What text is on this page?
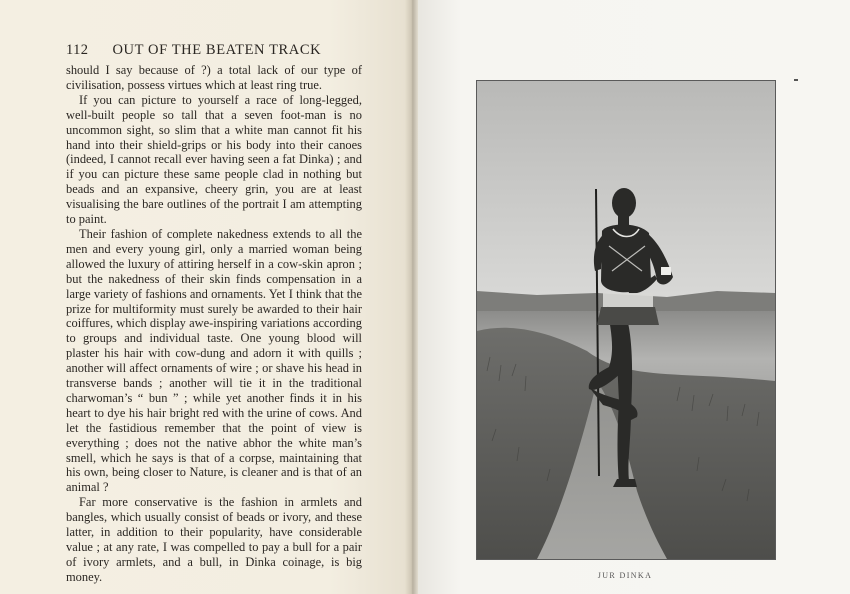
112 OUT OF THE BEATEN TRACK

should I say because of ?) a total lack of our type of civilisation, possess virtues which at least ring true.

If you can picture to yourself a race of long-legged, well-built people so tall that a seven foot-man is no uncommon sight, so slim that a white man cannot fit his hand into their shield-grips or his body into their canoes (indeed, I cannot recall ever having seen a fat Dinka) ; and if you can picture these same people clad in nothing but beads and an expansive, cheery grin, you are at least visualising the bare outlines of the portrait I am attempting to paint.

Their fashion of complete nakedness extends to all the men and every young girl, only a married woman being allowed the luxury of attiring herself in a cow-skin apron ; but the nakedness of their skin finds compensation in a large variety of fashions and ornaments. Yet I think that the prize for multiformity must surely be awarded to their hair coiffures, which display awe-inspiring variations according to groups and individual taste. One young blood will plaster his hair with cow-dung and adorn it with quills ; another will affect ornaments of wire ; or shave his head in transverse bands ; another will tie it in the traditional charwoman’s “ bun ” ; while yet another finds it in his heart to dye his hair bright red with the urine of cows. And let the fastidious remember that the point of view is everything ; does not the native abhor the white man’s smell, which he says is that of a corpse, maintaining that his own, being closer to Nature, is cleaner and is that of an animal ?

Far more conservative is the fashion in armlets and bangles, which usually consist of beads or ivory, and these latter, in addition to their popularity, have considerable value ; at any rate, I was compelled to pay a bull for a pair of ivory armlets, and a bull, in Dinka coinage, is big money.	JUR DINKA
